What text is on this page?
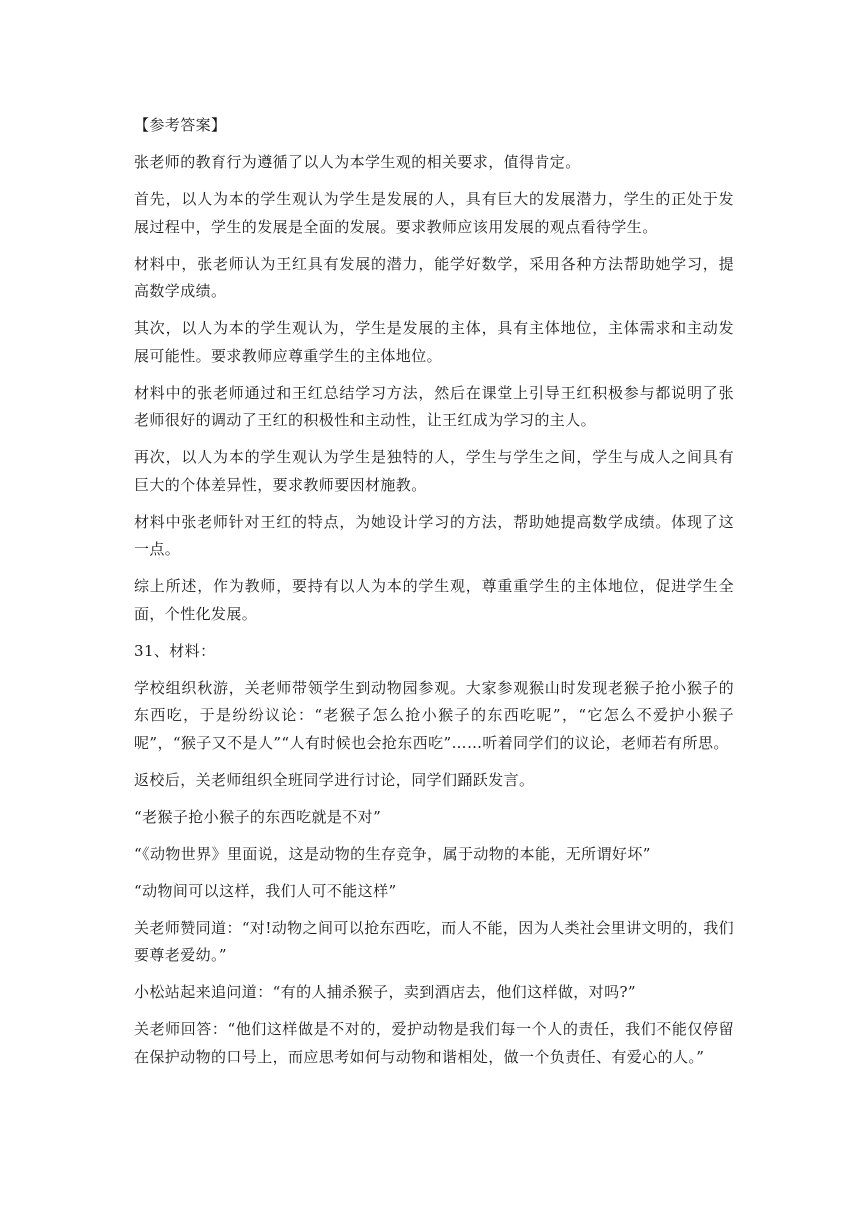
【参考答案】

张老师的教育行为遵循了以人为本学生观的相关要求，值得肯定。

首先，以人为本的学生观认为学生是发展的人，具有巨大的发展潜力，学生的正处于发展过程中，学生的发展是全面的发展。要求教师应该用发展的观点看待学生。

材料中，张老师认为王红具有发展的潜力，能学好数学，采用各种方法帮助她学习，提高数学成绩。

其次，以人为本的学生观认为，学生是发展的主体，具有主体地位，主体需求和主动发展可能性。要求教师应尊重学生的主体地位。

材料中的张老师通过和王红总结学习方法，然后在课堂上引导王红积极参与都说明了张老师很好的调动了王红的积极性和主动性，让王红成为学习的主人。

再次，以人为本的学生观认为学生是独特的人，学生与学生之间，学生与成人之间具有巨大的个体差异性，要求教师要因材施教。

材料中张老师针对王红的特点，为她设计学习的方法，帮助她提高数学成绩。体现了这一点。

综上所述，作为教师，要持有以人为本的学生观，尊重重学生的主体地位，促进学生全面，个性化发展。

31、材料：

学校组织秋游，关老师带领学生到动物园参观。大家参观猴山时发现老猴子抢小猴子的东西吃，于是纷纷议论：“老猴子怎么抢小猴子的东西吃呢”，“它怎么不爱护小猴子呢”，“猴子又不是人”“人有时候也会抢东西吃”……听着同学们的议论，老师若有所思。

返校后，关老师组织全班同学进行讨论，同学们踊跃发言。

“老猴子抢小猴子的东西吃就是不对”

“《动物世界》里面说，这是动物的生存竞争，属于动物的本能，无所谓好坏”

“动物间可以这样，我们人可不能这样”

关老师赞同道：“对!动物之间可以抢东西吃，而人不能，因为人类社会里讲文明的，我们要尊老爱幼。”

小松站起来追问道：“有的人捕杀猴子，卖到酒店去，他们这样做，对吗?”

关老师回答：“他们这样做是不对的，爱护动物是我们每一个人的责任，我们不能仅停留在保护动物的口号上，而应思考如何与动物和谐相处，做一个负责任、有爱心的人。”
